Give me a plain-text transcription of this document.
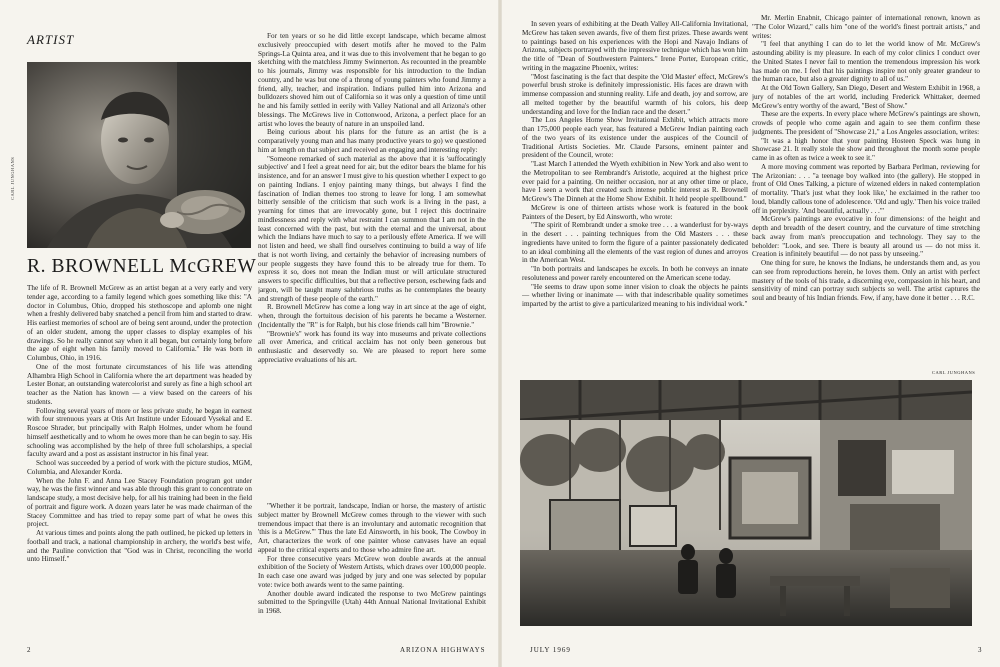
ARTIST
CARL JUNGHANS
R. BROWNELL McGREW

The life of R. Brownell McGrew as an artist began at a very early and very tender age, according to a family legend which goes something like this: "A doctor in Columbus, Ohio, dropped his stethoscope and aplomb one night when a freshly delivered baby snatched a pencil from him and started to draw. His earliest memories of school are of being sent around, under the protection of an older student, among the upper classes to display examples of his drawings. So he really cannot say when it all began, but certainly long before the age of eight when his family moved to California." He was born in Columbus, Ohio, in 1916.

One of the most fortunate circumstances of his life was attending Alhambra High School in California where the art department was headed by Lester Bonar, an outstanding watercolorist and surely as fine a high school art teacher as the Nation has known — a view based on the careers of his students.

Following several years of more or less private study, he began in earnest with four strenuous years at Otis Art Institute under Edouard Vysekal and E. Roscoe Shrader, but principally with Ralph Holmes, under whom he found himself aesthetically and to whom he owes more than he can begin to say. His schooling was accomplished by the help of three full scholarships, a special faculty award and a post as assistant instructor in his final year.

School was succeeded by a period of work with the picture studios, MGM, Columbia, and Alexander Korda.

When the John F. and Anna Lee Stacey Foundation program got under way, he was the first winner and was able through this grant to concentrate on landscape study, a most decisive help, for all his training had been in the field of portrait and figure work. A dozen years later he was made chairman of the Stacey Committee and has tried to repay some part of what he owes this project.

At various times and points along the path outlined, he picked up letters in football and track, a national championship in archery, the world's best wife, and the Pauline conviction that "God was in Christ, reconciling the world unto Himself."

For ten years or so he did little except landscape, which became almost exclusively preoccupied with desert motifs after he moved to the Palm Springs-La Quinta area, and it was due to this involvement that he began to go sketching with the matchless Jimmy Swinnerton. As recounted in the preamble to his journals, Jimmy was responsible for his introduction to the Indian country, and he was but one of a throng of young painters who found Jimmy a friend, ally, teacher, and inspiration. Indians pulled him into Arizona and bulldozers shoved him out of California so it was only a question of time until he and his family settled in eerily with Valley National and all Arizona's other blessings. The McGrews live in Cottonwood, Arizona, a perfect place for an artist who loves the beauty of nature in an unspoiled land.

Being curious about his plans for the future as an artist (he is a comparatively young man and has many productive years to go) we questioned him at length on that subject and received an engaging and interesting reply:

"Someone remarked of such material as the above that it is 'suffocatingly subjective' and I feel a great need for air, but the editor bears the blame for his insistence, and for an answer I must give to his question whether I expect to go on painting Indians. I enjoy painting many things, but always I find the fascination of Indian themes too strong to leave for long. I am somewhat bitterly sensible of the criticism that such work is a living in the past, a yearning for times that are irrevocably gone, but I reject this doctrinaire mindlessness and reply with what restraint I can summon that I am not in the least concerned with the past, but with the eternal and the universal, about which the Indians have much to say to a perilously effete America. If we will not listen and heed, we shall find ourselves continuing to build a way of life that is not worth living, and certainly the behavior of increasing numbers of our people suggests they have found this to be already true for them. To express it so, does not mean the Indian must or will articulate structured answers to specific difficulties, but that a reflective person, eschewing fads and jargon, will be taught many salubrious truths as he contemplates the beauty and strength of these people of the earth."

R. Brownell McGrew has come a long way in art since at the age of eight, when, through the fortuitous decision of his parents he became a Westerner. (Incidentally the "R" is for Ralph, but his close friends call him "Brownie."

"Brownie's" work has found its way into museums and private collections all over America, and critical acclaim has not only been generous but enthusiastic and deservedly so. We are pleased to report here some appreciative evaluations of his art.

"Whether it be portrait, landscape, Indian or horse, the mastery of artistic subject matter by Brownell McGrew comes through to the viewer with such tremendous impact that there is an involuntary and automatic recognition that 'this is a McGrew.'" Thus the late Ed Ainsworth, in his book, The Cowboy in Art, characterizes the work of one painter whose canvases have an equal appeal to the critical experts and to those who admire fine art.

For three consecutive years McGrew won double awards at the annual exhibition of the Society of Western Artists, which draws over 100,000 people. In each case one award was judged by jury and one was selected by popular vote: twice both awards went to the same painting.

Another double award indicated the response to two McGrew paintings submitted to the Springville (Utah) 44th Annual National Invitational Exhibit in 1968.

2	ARIZONA HIGHWAYS

In seven years of exhibiting at the Death Valley All-California Invitational, McGrew has taken seven awards, five of them first prizes. These awards went to paintings based on his experiences with the Hopi and Navajo Indians of Arizona, subjects portrayed with the impressive technique which has won him the title of "Dean of Southwestern Painters." Irene Porter, European critic, writing in the magazine Phoenix, writes:

"Most fascinating is the fact that despite the 'Old Master' effect, McGrew's powerful brush stroke is definitely impressionistic. His faces are drawn with immense compassion and stunning reality. Life and death, joy and sorrow, are all melted together by the beautiful warmth of his colors, his deep understanding and love for the Indian race and the desert."

The Los Angeles Home Show Invitational Exhibit, which attracts more than 175,000 people each year, has featured a McGrew Indian painting each of the two years of its existence under the auspices of the Council of Traditional Artists Societies. Mr. Claude Parsons, eminent painter and president of the Council, wrote:

"Last March I attended the Wyeth exhibition in New York and also went to the Metropolitan to see Rembrandt's Aristotle, acquired at the highest price ever paid for a painting. On neither occasion, nor at any other time or place, have I seen a work that created such intense public interest as R. Brownell McGrew's The Dinneh at the Home Show Exhibit. It held people spellbound."

McGrew is one of thirteen artists whose work is featured in the book Painters of the Desert, by Ed Ainsworth, who wrote:

"The spirit of Rembrandt under a smoke tree . . . a wanderlust for by-ways in the desert . . . painting techniques from the Old Masters . . . these ingredients have united to form the figure of a painter passionately dedicated to an ideal combining all the elements of the vast region of dunes and arroyos in the American West.

"In both portraits and landscapes he excels. In both he conveys an innate resoluteness and power rarely encountered on the American scene today.

"He seems to draw upon some inner vision to cloak the objects he paints — whether living or inanimate — with that indescribable quality sometimes imparted by the artist to give a particularized meaning to his individual work."

Mr. Merlin Enabnit, Chicago painter of international renown, known as "The Color Wizard," calls him "one of the world's finest portrait artists," and writes:

"I feel that anything I can do to let the world know of Mr. McGrew's astounding ability is my pleasure. In each of my color clinics I conduct over the United States I never fail to mention the tremendous impression his work has made on me. I feel that his paintings inspire not only greater grandeur to the human race, but also a greater dignity to all of us."

At the Old Town Gallery, San Diego, Desert and Western Exhibit in 1968, a jury of notables of the art world, including Frederick Whittaker, deemed McGrew's entry worthy of the award, "Best of Show."

These are the experts. In every place where McGrew's paintings are shown, crowds of people who come again and again to see them confirm these judgments. The president of "Showcase 21," a Los Angeles association, writes:

"It was a high honor that your painting Hosteen Speck was hung in Showcase 21. It really stole the show and throughout the month some people came in as often as twice a week to see it."

A more moving comment was reported by Barbara Perlman, reviewing for The Arizonian: . . . "a teenage boy walked into (the gallery). He stopped in front of Old Ones Talking, a picture of wizened elders in naked contemplation of mortality. 'That's just what they look like,' he exclaimed in the rather too loud, blandly callous tone of adolescence. 'Old and ugly.' Then his voice trailed off in perplexity. 'And beautiful, actually . . .'"

McGrew's paintings are evocative in four dimensions: of the height and depth and breadth of the desert country, and the curvature of time stretching back away from man's preoccupation and technology. They say to the beholder: "Look, and see. There is beauty all around us — do not miss it. Creation is infinitely beautiful — do not pass by unseeing."

One thing for sure, he knows the Indians, he understands them and, as you can see from reproductions herein, he loves them. Only an artist with perfect mastery of the tools of his trade, a discerning eye, compassion in his heart, and sensitivity of mind can portray such subjects so well. The artist captures the soul and beauty of his Indian friends. Few, if any, have done it better . . . R.C.

CARL JUNGHANS
JULY 1969	3
